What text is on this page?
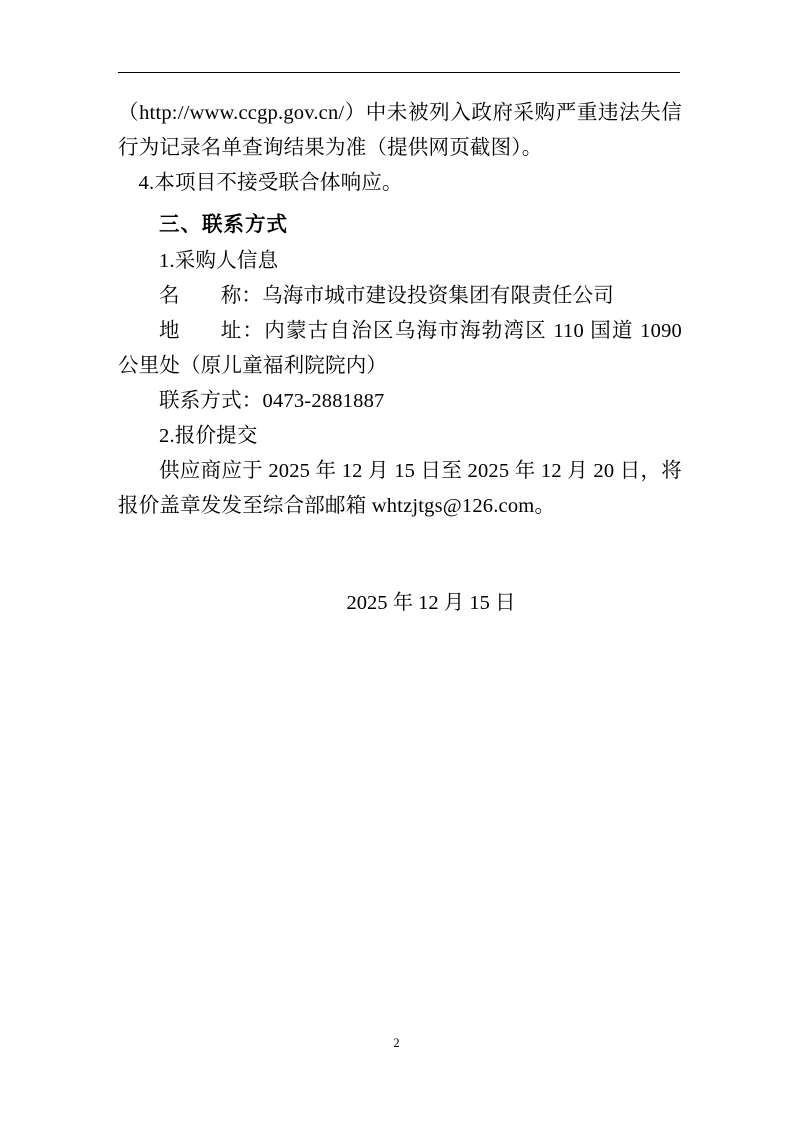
（http://www.ccgp.gov.cn/）中未被列入政府采购严重违法失信行为记录名单查询结果为准（提供网页截图）。

4.本项目不接受联合体响应。

三、联系方式

1.采购人信息

名 称：乌海市城市建设投资集团有限责任公司

地 址：内蒙古自治区乌海市海勃湾区 110 国道 1090 公里处（原儿童福利院院内）

联系方式：0473-2881887

2.报价提交

供应商应于 2025 年 12 月 15 日至 2025 年 12 月 20 日，将报价盖章发发至综合部邮箱 whtzjtgs@126.com。

2025 年 12 月 15 日
2
